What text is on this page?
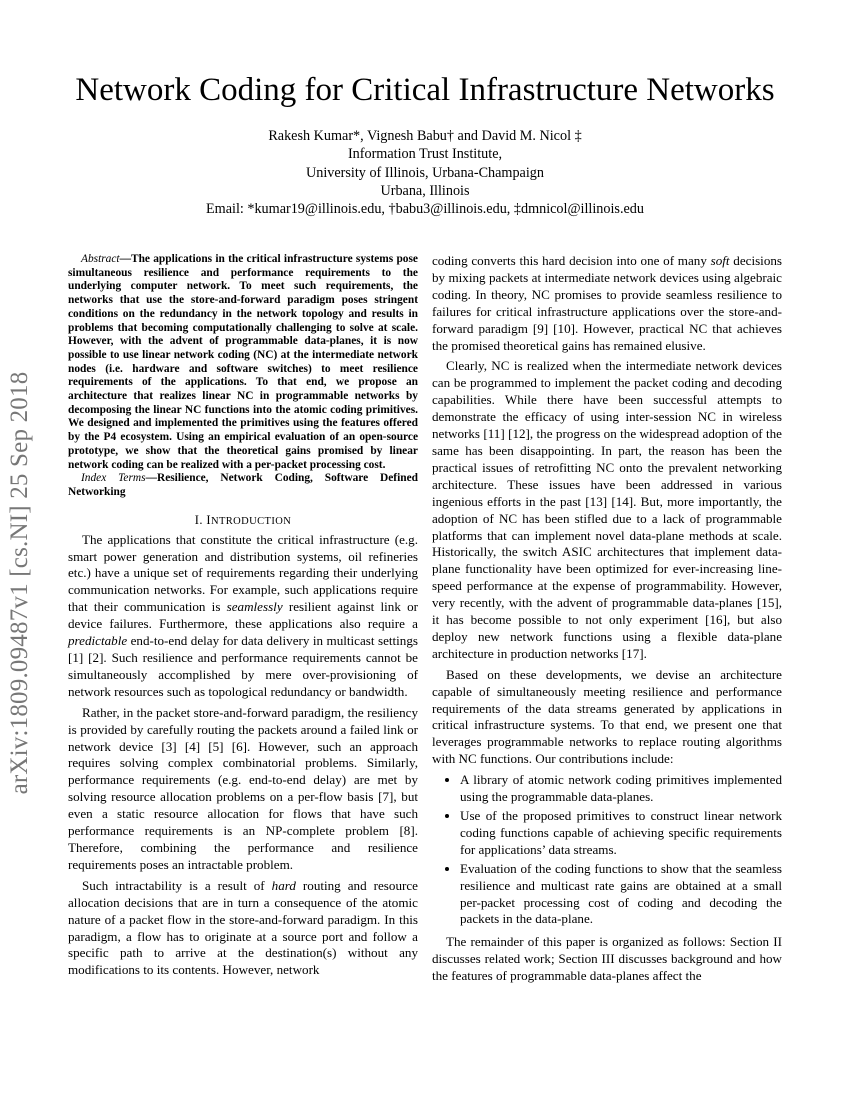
Network Coding for Critical Infrastructure Networks
Rakesh Kumar*, Vignesh Babu† and David M. Nicol ‡
Information Trust Institute,
University of Illinois, Urbana-Champaign
Urbana, Illinois
Email: *kumar19@illinois.edu, †babu3@illinois.edu, ‡dmnicol@illinois.edu
arXiv:1809.09487v1 [cs.NI] 25 Sep 2018
Abstract—The applications in the critical infrastructure systems pose simultaneous resilience and performance requirements to the underlying computer network. To meet such requirements, the networks that use the store-and-forward paradigm poses stringent conditions on the redundancy in the network topology and results in problems that becoming computationally challenging to solve at scale. However, with the advent of programmable data-planes, it is now possible to use linear network coding (NC) at the intermediate network nodes (i.e. hardware and software switches) to meet resilience requirements of the applications. To that end, we propose an architecture that realizes linear NC in programmable networks by decomposing the linear NC functions into the atomic coding primitives. We designed and implemented the primitives using the features offered by the P4 ecosystem. Using an empirical evaluation of an open-source prototype, we show that the theoretical gains promised by linear network coding can be realized with a per-packet processing cost.
Index Terms—Resilience, Network Coding, Software Defined Networking
I. INTRODUCTION

The applications that constitute the critical infrastructure (e.g. smart power generation and distribution systems, oil refineries etc.) have a unique set of requirements regarding their underlying communication networks. For example, such applications require that their communication is seamlessly resilient against link or device failures. Furthermore, these applications also require a predictable end-to-end delay for data delivery in multicast settings [1] [2]. Such resilience and performance requirements cannot be simultaneously accomplished by mere over-provisioning of network resources such as topological redundancy or bandwidth.

Rather, in the packet store-and-forward paradigm, the resiliency is provided by carefully routing the packets around a failed link or network device [3] [4] [5] [6]. However, such an approach requires solving complex combinatorial problems. Similarly, performance requirements (e.g. end-to-end delay) are met by solving resource allocation problems on a per-flow basis [7], but even a static resource allocation for flows that have such performance requirements is an NP-complete problem [8]. Therefore, combining the performance and resilience requirements poses an intractable problem.

Such intractability is a result of hard routing and resource allocation decisions that are in turn a consequence of the atomic nature of a packet flow in the store-and-forward paradigm. In this paradigm, a flow has to originate at a source port and follow a specific path to arrive at the destination(s) without any modifications to its contents. However, network

coding converts this hard decision into one of many soft decisions by mixing packets at intermediate network devices using algebraic coding. In theory, NC promises to provide seamless resilience to failures for critical infrastructure applications over the store-and-forward paradigm [9] [10]. However, practical NC that achieves the promised theoretical gains has remained elusive.

Clearly, NC is realized when the intermediate network devices can be programmed to implement the packet coding and decoding capabilities. While there have been successful attempts to demonstrate the efficacy of using inter-session NC in wireless networks [11] [12], the progress on the widespread adoption of the same has been disappointing. In part, the reason has been the practical issues of retrofitting NC onto the prevalent networking architecture. These issues have been addressed in various ingenious efforts in the past [13] [14]. But, more importantly, the adoption of NC has been stifled due to a lack of programmable platforms that can implement novel data-plane methods at scale. Historically, the switch ASIC architectures that implement data-plane functionality have been optimized for ever-increasing line-speed performance at the expense of programmability. However, very recently, with the advent of programmable data-planes [15], it has become possible to not only experiment [16], but also deploy new network functions using a flexible data-plane architecture in production networks [17].

Based on these developments, we devise an architecture capable of simultaneously meeting resilience and performance requirements of the data streams generated by applications in critical infrastructure systems. To that end, we present one that leverages programmable networks to replace routing algorithms with NC functions. Our contributions include:

• A library of atomic network coding primitives implemented using the programmable data-planes.
• Use of the proposed primitives to construct linear network coding functions capable of achieving specific requirements for applications’ data streams.
• Evaluation of the coding functions to show that the seamless resilience and multicast rate gains are obtained at a small per-packet processing cost of coding and decoding the packets in the data-plane.

The remainder of this paper is organized as follows: Section II discusses related work; Section III discusses background and how the features of programmable data-planes affect the
